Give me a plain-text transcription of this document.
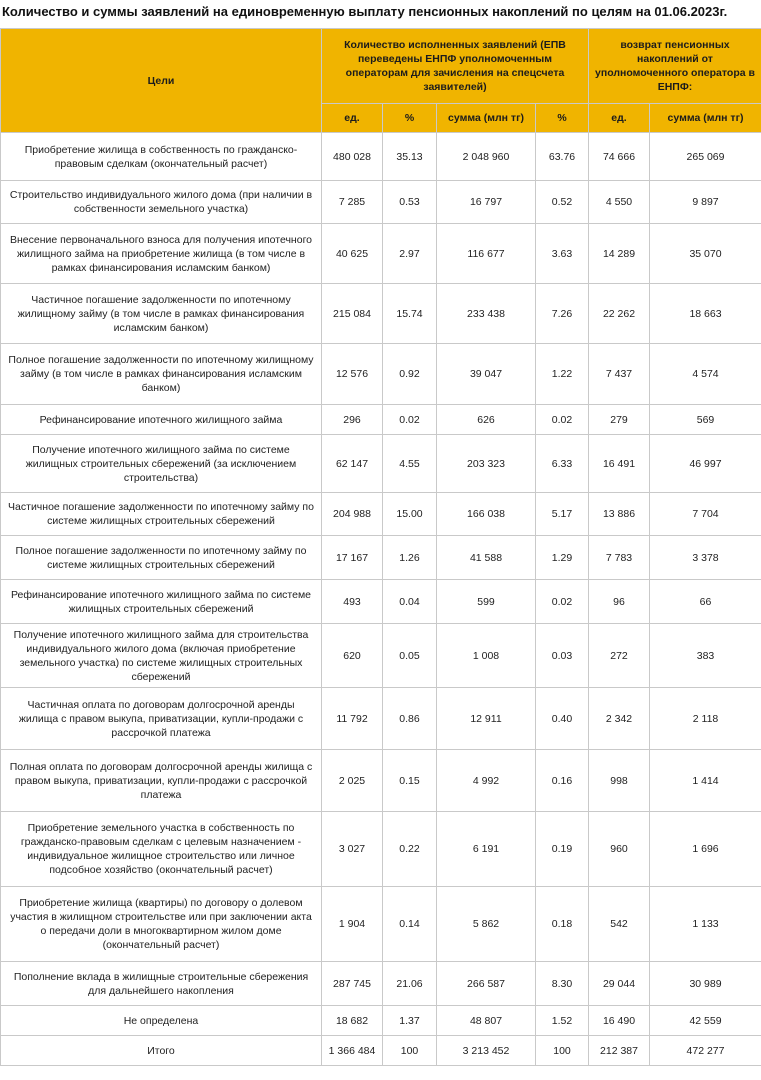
Количество и суммы заявлений на единовременную выплату пенсионных накоплений по целям на 01.06.2023г.
Цели	Количество исполненных заявлений (ЕПВ переведены ЕНПФ уполномоченным операторам для зачисления на спецсчета заявителей)				возврат пенсионных накоплений от уполномоченного оператора в ЕНПФ:	
	ед.	%	сумма (млн тг)	%	ед.	сумма (млн тг)
Приобретение жилища в собственность по гражданско-правовым сделкам (окончательный расчет)	480 028	35.13	2 048 960	63.76	74 666	265 069
Строительство индивидуального жилого дома (при наличии в собственности земельного участка)	7 285	0.53	16 797	0.52	4 550	9 897
Внесение первоначального взноса для получения ипотечного жилищного займа на приобретение жилища (в том числе в рамках финансирования исламским банком)	40 625	2.97	116 677	3.63	14 289	35 070
Частичное погашение задолженности по ипотечному жилищному займу (в том числе в рамках финансирования исламским банком)	215 084	15.74	233 438	7.26	22 262	18 663
Полное погашение задолженности по ипотечному жилищному займу (в том числе в рамках финансирования исламским банком)	12 576	0.92	39 047	1.22	7 437	4 574
Рефинансирование ипотечного жилищного займа	296	0.02	626	0.02	279	569
Получение ипотечного жилищного займа по системе жилищных строительных сбережений (за исключением строительства)	62 147	4.55	203 323	6.33	16 491	46 997
Частичное погашение задолженности по ипотечному займу по системе жилищных строительных сбережений	204 988	15.00	166 038	5.17	13 886	7 704
Полное погашение задолженности по ипотечному займу по системе жилищных строительных сбережений	17 167	1.26	41 588	1.29	7 783	3 378
Рефинансирование ипотечного жилищного займа по системе жилищных строительных сбережений	493	0.04	599	0.02	96	66
Получение ипотечного жилищного займа для строительства индивидуального жилого дома (включая приобретение земельного участка) по системе жилищных строительных сбережений	620	0.05	1 008	0.03	272	383
Частичная оплата по договорам долгосрочной аренды жилища с правом выкупа, приватизации, купли-продажи с рассрочкой платежа	11 792	0.86	12 911	0.40	2 342	2 118
Полная оплата по договорам долгосрочной аренды жилища с правом выкупа, приватизации, купли-продажи с рассрочкой платежа	2 025	0.15	4 992	0.16	998	1 414
Приобретение земельного участка в собственность по гражданско-правовым сделкам с целевым назначением - индивидуальное жилищное строительство или личное подсобное хозяйство (окончательный расчет)	3 027	0.22	6 191	0.19	960	1 696
Приобретение жилища (квартиры) по договору о долевом участия в жилищном строительстве или при заключении акта о передачи доли в многоквартирном жилом доме (окончательный расчет)	1 904	0.14	5 862	0.18	542	1 133
Пополнение вклада в жилищные строительные сбережения для дальнейшего накопления	287 745	21.06	266 587	8.30	29 044	30 989
Не определена	18 682	1.37	48 807	1.52	16 490	42 559
Итого	1 366 484	100	3 213 452	100	212 387	472 277
